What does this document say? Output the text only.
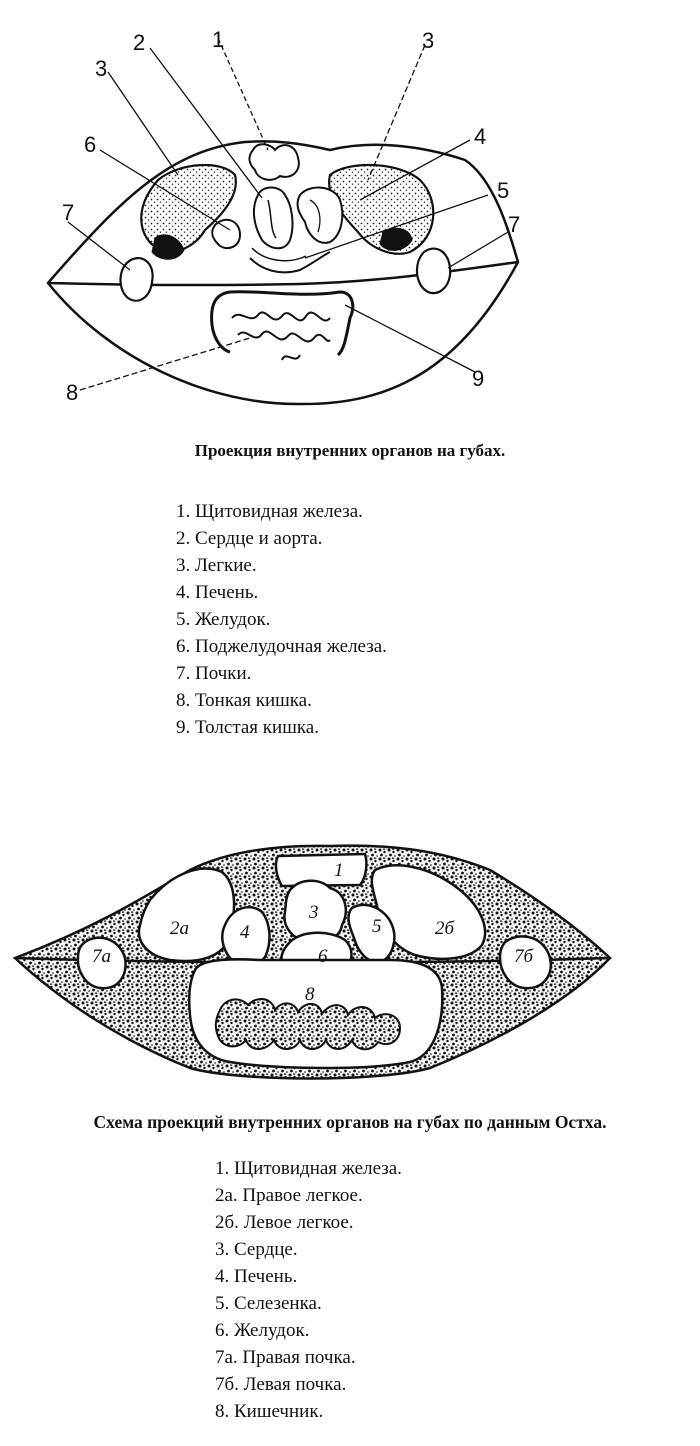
2	1
3
3
4
6
5
7	7
8
9

Проекция внутренних органов на губах.

1. Щитовидная железа.
2. Сердце и аорта.
3. Легкие.
4. Печень.
5. Желудок.
6. Поджелудочная железа.
7. Почки.
8. Тонкая кишка.
9. Толстая кишка.
1
2а	2б
3
4	5
6
7а	7б
8

Схема проекций внутренних органов на губах по данным Остха.

1. Щитовидная железа.
2а. Правое легкое.
2б. Левое легкое.
3. Сердце.
4. Печень.
5. Селезенка.
6. Желудок.
7а. Правая почка.
7б. Левая почка.
8. Кишечник.
